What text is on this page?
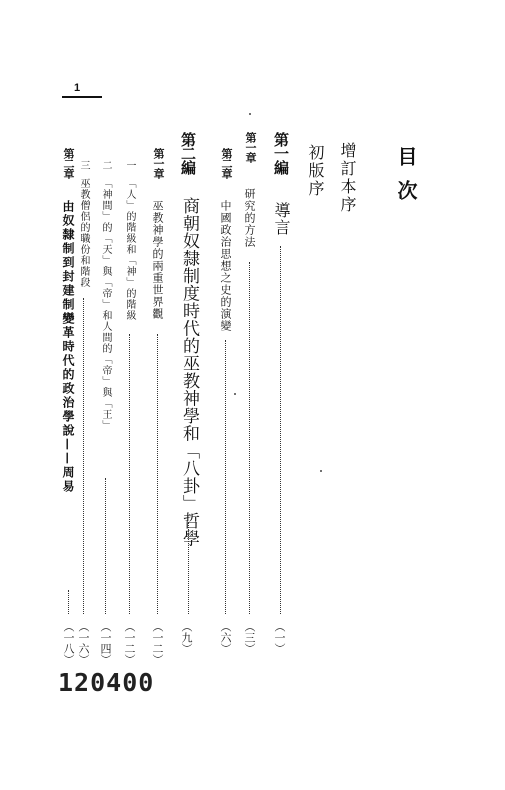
1
目次
增訂本序
初版序
第一編
導言
（一）
第一章
研究的方法
（三）
第二章
中國政治思想之史的演變
（六）
第二編
商朝奴隸制度時代的巫教神學和「八卦」哲學
（九）
第一章
巫教神學的兩重世界觀
（一二）
一
「人」的階級和「神」的階級
（一二）
二
「神間」的「天」與「帝」和人間的「帝」與「王」
（一四）
三
巫教僧侶的職份和階段
（一六）
第二章
由奴隸制到封建制變革時代的政治學說——周易
（一八）
120400
